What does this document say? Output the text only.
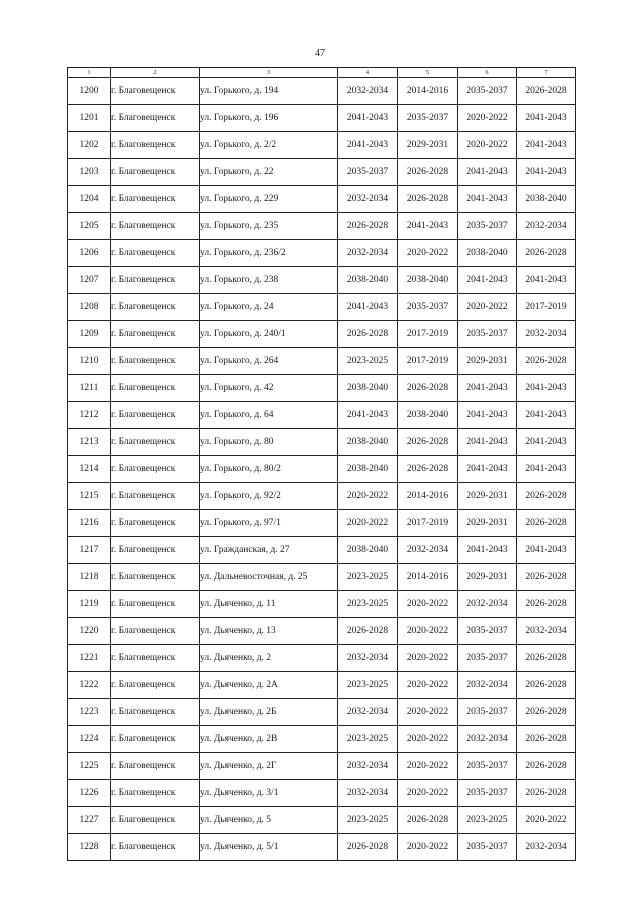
47
1	2	3	4	5	6	7
1200	г. Благовещенск	ул. Горького, д. 194	2032-2034	2014-2016	2035-2037	2026-2028
1201	г. Благовещенск	ул. Горького, д. 196	2041-2043	2035-2037	2020-2022	2041-2043
1202	г. Благовещенск	ул. Горького, д. 2/2	2041-2043	2029-2031	2020-2022	2041-2043
1203	г. Благовещенск	ул. Горького, д. 22	2035-2037	2026-2028	2041-2043	2041-2043
1204	г. Благовещенск	ул. Горького, д. 229	2032-2034	2026-2028	2041-2043	2038-2040
1205	г. Благовещенск	ул. Горького, д. 235	2026-2028	2041-2043	2035-2037	2032-2034
1206	г. Благовещенск	ул. Горького, д. 236/2	2032-2034	2020-2022	2038-2040	2026-2028
1207	г. Благовещенск	ул. Горького, д. 238	2038-2040	2038-2040	2041-2043	2041-2043
1208	г. Благовещенск	ул. Горького, д. 24	2041-2043	2035-2037	2020-2022	2017-2019
1209	г. Благовещенск	ул. Горького, д. 240/1	2026-2028	2017-2019	2035-2037	2032-2034
1210	г. Благовещенск	ул. Горького, д. 264	2023-2025	2017-2019	2029-2031	2026-2028
1211	г. Благовещенск	ул. Горького, д. 42	2038-2040	2026-2028	2041-2043	2041-2043
1212	г. Благовещенск	ул. Горького, д. 64	2041-2043	2038-2040	2041-2043	2041-2043
1213	г. Благовещенск	ул. Горького, д. 80	2038-2040	2026-2028	2041-2043	2041-2043
1214	г. Благовещенск	ул. Горького, д. 80/2	2038-2040	2026-2028	2041-2043	2041-2043
1215	г. Благовещенск	ул. Горького, д. 92/2	2020-2022	2014-2016	2029-2031	2026-2028
1216	г. Благовещенск	ул. Горького, д. 97/1	2020-2022	2017-2019	2029-2031	2026-2028
1217	г. Благовещенск	ул. Гражданская, д. 27	2038-2040	2032-2034	2041-2043	2041-2043
1218	г. Благовещенск	ул. Дальневосточная, д. 25	2023-2025	2014-2016	2029-2031	2026-2028
1219	г. Благовещенск	ул. Дьяченко, д. 11	2023-2025	2020-2022	2032-2034	2026-2028
1220	г. Благовещенск	ул. Дьяченко, д. 13	2026-2028	2020-2022	2035-2037	2032-2034
1221	г. Благовещенск	ул. Дьяченко, д. 2	2032-2034	2020-2022	2035-2037	2026-2028
1222	г. Благовещенск	ул. Дьяченко, д. 2А	2023-2025	2020-2022	2032-2034	2026-2028
1223	г. Благовещенск	ул. Дьяченко, д. 2Б	2032-2034	2020-2022	2035-2037	2026-2028
1224	г. Благовещенск	ул. Дьяченко, д. 2В	2023-2025	2020-2022	2032-2034	2026-2028
1225	г. Благовещенск	ул. Дьяченко, д. 2Г	2032-2034	2020-2022	2035-2037	2026-2028
1226	г. Благовещенск	ул. Дьяченко, д. 3/1	2032-2034	2020-2022	2035-2037	2026-2028
1227	г. Благовещенск	ул. Дьяченко, д. 5	2023-2025	2026-2028	2023-2025	2020-2022
1228	г. Благовещенск	ул. Дьяченко, д. 5/1	2026-2028	2020-2022	2035-2037	2032-2034
